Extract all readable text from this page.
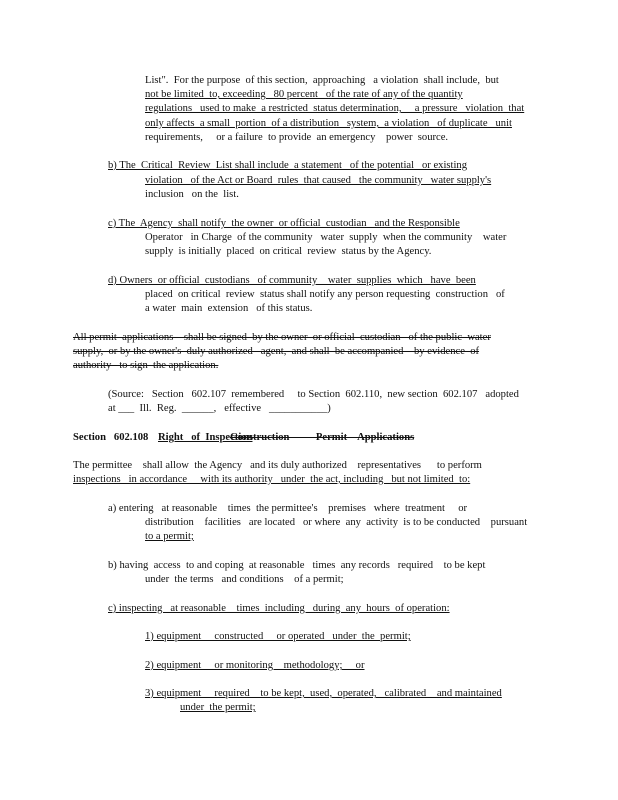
List".  For the purpose  of this section,  approaching   a violation  shall include,  but
not be limited  to, exceeding   80 percent   of the rate of any of the quantity
regulations   used to make  a restricted  status determination,     a pressure   violation  that
only affects  a small  portion  of a distribution   system,  a violation   of duplicate   unit
requirements,     or a failure  to provide  an emergency    power  source.
b) The  Critical  Review  List shall include  a statement   of the potential   or existing
violation   of the Act or Board  rules  that caused   the community   water supply's
inclusion   on the  list.
c) The  Agency  shall notify  the owner  or official  custodian   and the Responsible
Operator   in Charge  of the community   water  supply  when the community    water
supply  is initially  placed  on critical  review  status by the Agency.
d) Owners  or official  custodians   of community    water  supplies  which   have  been
placed  on critical  review  status shall notify any person requesting  construction   of
a water  main  extension   of this status.
All permit  applications    shall be signed  by the owner  or official  custodian   of the public  water
supply,  or by the owner's  duly authorized   agent,  and shall  be accompanied    by evidence  of
authority   to sign  the application.
(Source:   Section   602.107  remembered     to Section  602.110,  new section  602.107   adopted
at ___  Ill.  Reg.  ______,   effective   ___________)
Section   602.108 Right   of  Inspection
Construction          Permit    Applications
The permittee    shall allow  the Agency   and its duly authorized    representatives      to perform
inspections   in accordance     with its authority   under  the act, including   but not limited  to:
a) entering   at reasonable    times  the permittee's    premises   where  treatment     or
distribution    facilities   are located   or where  any  activity  is to be conducted    pursuant
to a permit;
b) having  access  to and coping  at reasonable   times  any records   required    to be kept
under  the terms   and conditions    of a permit;
c) inspecting   at reasonable    times  including   during  any  hours  of operation:
1) equipment     constructed     or operated   under  the  permit;
2) equipment     or monitoring    methodology;     or
3) equipment     required    to be kept,  used,  operated,   calibrated    and maintained
under  the permit;
